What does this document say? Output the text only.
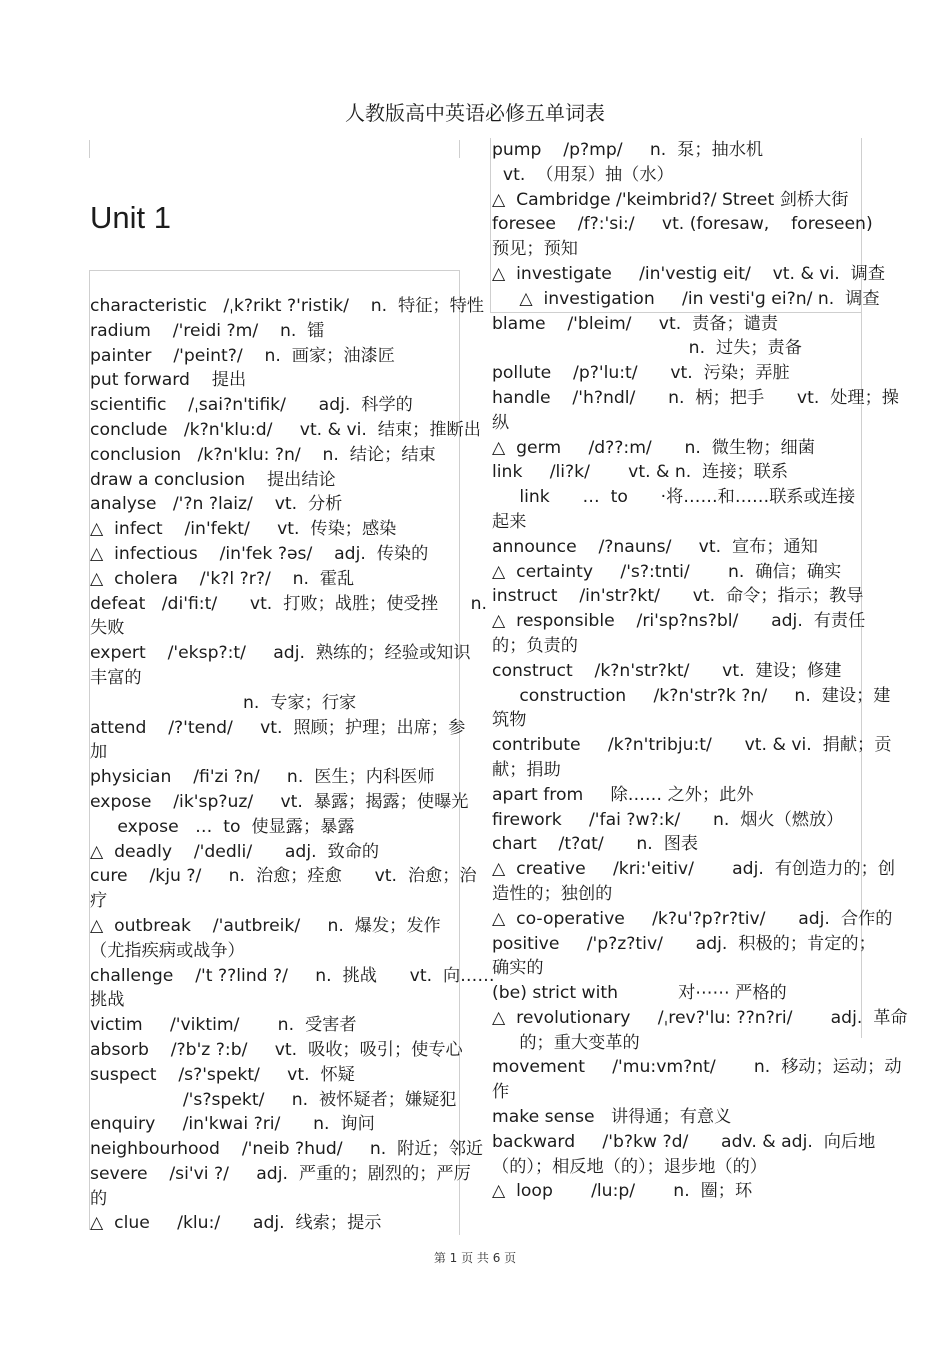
人教版高中英语必修五单词表
Unit 1
characteristic   /ˌk?rikt ?'ristik/    n.  特征；特性
radium    /'reidi ?m/    n.  镭
painter    /'peint?/    n.  画家；油漆匠
put forward    提出
scientific    /ˌsai?n'tifik/      adj.  科学的
conclude   /k?n'klu:d/     vt. & vi.  结束；推断出
conclusion   /k?n'klu: ?n/    n.  结论；结束
draw a conclusion    提出结论
analyse   /'?n ?laiz/    vt.  分析
△  infect    /in'fekt/     vt.  传染；感染
△  infectious    /in'fek ?əs/    adj.  传染的
△  cholera    /'k?l ?r?/    n.  霍乱
defeat   /di'fi:t/      vt.  打败；战胜；使受挫      n.
失败
expert    /'eksp?:t/     adj.  熟练的；经验或知识
丰富的
n.  专家；行家
attend    /?'tend/     vt.  照顾；护理；出席；参
加
physician    /fi'zi ?n/     n.  医生；内科医师
expose    /ik'sp?uz/     vt.  暴露；揭露；使曝光
expose   …  to  使显露；暴露
△  deadly    /'dedli/      adj.  致命的
cure    /kju ?/     n.  治愈；痊愈      vt.  治愈；治
疗
△  outbreak    /'autbreik/     n.  爆发；发作
（尤指疾病或战争）
challenge    /'t ??lind ?/     n.  挑战      vt.  向……
挑战
victim     /'viktim/       n.  受害者
absorb    /?b'z ?:b/     vt.  吸收；吸引；使专心
suspect    /s?'spekt/     vt.  怀疑
/'s?spekt/     n.  被怀疑者；嫌疑犯
enquiry     /in'kwai ?ri/      n.  询问
neighbourhood    /'neib ?hud/     n.  附近；邻近
severe    /si'vi ?/     adj.  严重的；剧烈的；严厉
的
△  clue     /klu:/      adj.  线索；提示
pump    /p?mp/     n.  泵；抽水机
vt.  （用泵）抽（水）
△  Cambridge /'keimbrid?/ Street 剑桥大街
foresee    /f?:'si:/     vt. (foresaw,    foreseen)
预见；预知
△  investigate     /in'vestiɡ eit/    vt. & vi.  调查
△  investigation     /in vesti'ɡ ei?n/ n.  调查
blame    /'bleim/     vt.  责备；谴责
n.  过失；责备
pollute    /p?'lu:t/      vt.  污染；弄脏
handle    /'h?ndl/      n.  柄；把手      vt.  处理；操
纵
△  germ     /d??:m/      n.  微生物；细菌
link     /li?k/       vt. & n.  连接；联系
link      …  to      ·将……和……联系或连接
起来
announce    /?nauns/     vt.  宣布；通知
△  certainty     /'s?:tnti/       n.  确信；确实
instruct    /in'str?kt/      vt.  命令；指示；教导
△  responsible    /ri'sp?ns?bl/      adj.  有责任
的；负责的
construct    /k?n'str?kt/      vt.  建设；修建
construction     /k?n'str?k ?n/     n.  建设；建
筑物
contribute     /k?n'tribju:t/      vt. & vi.  捐献；贡
献；捐助
apart from     除…… 之外；此外
firework     /'fai ?w?:k/      n.  烟火（燃放）
chart    /t?ɑt/      n.  图表
△  creative     /kri:'eitiv/       adj.  有创造力的；创
造性的；独创的
△  co-operative     /k?u'?p?r?tiv/      adj.  合作的
positive     /'p?z?tiv/      adj.  积极的；肯定的；
确实的
(be) strict with           对⋯⋯ 严格的
△  revolutionary     /ˌrev?'lu: ??n?ri/       adj.  革命
的；重大变革的
movement     /'mu:vm?nt/       n.  移动；运动；动
作
make sense   讲得通；有意义
backward     /'b?kw ?d/      adv. & adj.  向后地
（的）；相反地（的）；退步地（的）
△  loop       /lu:p/       n.  圈；环
第 1 页 共 6 页
